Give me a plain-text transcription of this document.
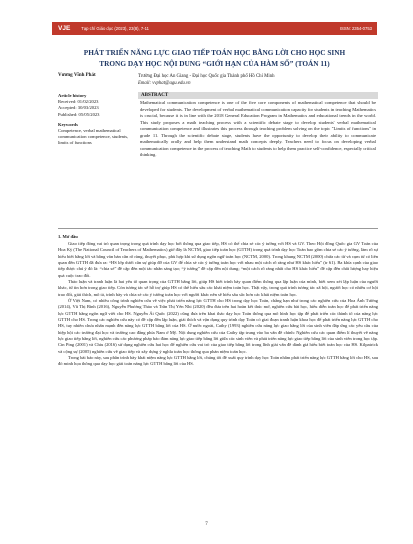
VJE	Tạp chí Giáo dục (2023), 23(8), 7-11	ISSN: 2354-0753
PHÁT TRIỂN NĂNG LỰC GIAO TIẾP TOÁN HỌC BẰNG LỜI CHO HỌC SINH
TRONG DẠY HỌC NỘI DUNG “GIỚI HẠN CỦA HÀM SỐ” (TOÁN 11)
Vương Vĩnh Phát	Trường Đại học An Giang - Đại học Quốc gia Thành phố Hồ Chí Minh
Email: vvphat@agu.edu.vn
Article history
Received: 01/02/2023
Accepted: 30/03/2023
Published: 05/05/2023
Keywords
Competence, verbal mathematical communication competence, students, limits of functions
ABSTRACT
Mathematical communication competence is one of the five core components of mathematical competence that should be developed for students. The development of verbal mathematical communication capacity for students in teaching Mathematics is crucial, because it is in line with the 2018 General Education Program in Mathematics and educational trends in the world. This study proposes a math teaching process with a scientific debate stage to develop students' verbal mathematical communication competence and illustrates this process through teaching problem solving on the topic "Limits of functions" in grade 11. Through the scientific debate stage, students have the opportunity to develop their ability to communicate mathematically orally and help them understand math concepts deeply. Teachers need to focus on developing verbal communication competence in the process of teaching Math to students to help them practice self-confidence, especially critical thinking.
1. Mở đầu

Giao tiếp đóng vai trò quan trọng trong quá trình dạy học bởi thông qua giao tiếp, HS có thể chia sẻ các ý tưởng với HS và GV. Theo Hội đồng Quốc gia GV Toán của Hoa Kỳ (The National Council of Teachers of Mathematics) giờ đây là NCTM, giao tiếp toán học (GTTH) trong quá trình dạy học Toán bao gồm chia sẻ các ý tưởng, làm rõ sự hiểu biết bằng lời và bằng văn bản cần rõ ràng, thuyết phục, phù hợp khi sử dụng ngôn ngữ toán học (NCTM, 2000). Trong khung NCTM (2000) chứa các từ và cụm từ có liên quan đến GTTH đã đưa ra: “HS lớp dưới cần sự giúp đỡ của GV để chia sẻ các ý tưởng toán học với nhau một cách rõ ràng như HS khác hiểu” (tr 61). Ba khía cạnh của giao tiếp được chú ý đó là: “chia sẻ” đề cập đến một tác nhân sáng tạo; “ý tưởng” đề cập đến nội dung; “một cách rõ ràng nhất cho HS khác hiểu” đề cập đến chất lượng hay hiệu quả cuộc trao đổi.

Thảo luận và tranh luận là hai yếu tố quan trọng của GTTH bằng lời, giúp HS biết trình bày quan điểm thông qua lập luận của mình, biết xem xét lập luận của người khác, từ tin hơn trong giao tiếp. Còn tương tác sẽ hỗ trợ giúp HS có thể hiểu sâu các khái niệm toán học. Thật vậy, trong quá trình tương tác xã hội, người học có nhiều cơ hội trao đổi, giải thích, mô tả, trình bày và chia sẻ các ý tưởng toán học với người khác nên sẽ hiểu sâu sắc hơn các khái niệm toán học.

Ở Việt Nam, có nhiều công trình nghiên cứu về việc phát triển năng lực GTTH cho HS trong dạy học Toán, chẳng hạn như trong các nghiên cứu của Hoa Ánh Tường (2014), Vũ Thị Bình (2016), Nguyễn Phương Thảo và Trần Thị Yến Nhi (2020) đều đưa trên hai hoàn kết thúc mở, nghiên cứu bài học, hiểu diễn toán học để phát triển năng lực GTTH bằng ngôn ngữ viết cho HS. Nguyễn Ái Quốc (2022) cũng đưa trên khai thác dạy học Toán thông qua mô hình học tập để phát triển các thành tố của năng lực GTTH cho HS. Trong các nghiên cứu này có đề cập đến lập luận, giải thích và vận dụng quy trình dạy Toán có giai đoạn tranh luận khoa học để phát triển năng lực GTTH cho HS, tuy nhiên chưa nhấn mạnh đến năng lực GTTH bằng lời của HS. Ở nước ngoài, Cathy (1993) nghiên cứu năng lực giao bằng lời của sinh viên đáp ứng các yêu cầu của hiệp hội các trường đại học và trường cao đẳng phía Nam ở Mỹ. Nội dung nghiên cứu của Cathy tập trung vào ba vấn đề chính: Nghiên cứu các quan điểm lí thuyết về năng lực giao tiếp bằng lời, nghiên cứu các phương pháp báo đảm năng lực giao tiếp bằng lời giữa các sinh viên và phát triển năng lực giao tiếp bằng lời của sinh viên trong học tập. Cin Ping (2001) và Chiu (2016) sử dụng nghiên cứu hai học để nghiên cứu vai trò của giao tiếp bằng lời trong lĩnh giải vấn đề dành giá hiểu biết toán học của HS. Kilpatrick và cộng sự (2005) nghiên cứu về giao tiếp và xây dựng ý nghĩa toán học thông qua phản niệm toán học.

Trong bài báo này, sau phần trình bày khái niệm năng lực GTTH bằng lời, chúng tôi đề xuất quy trình dạy học Toán nhằm phát triển năng lực GTTH bằng lời cho HS, sau đó minh họa thông qua dạy học giải toán năng lực GTTH bằng lời của HS.

7
